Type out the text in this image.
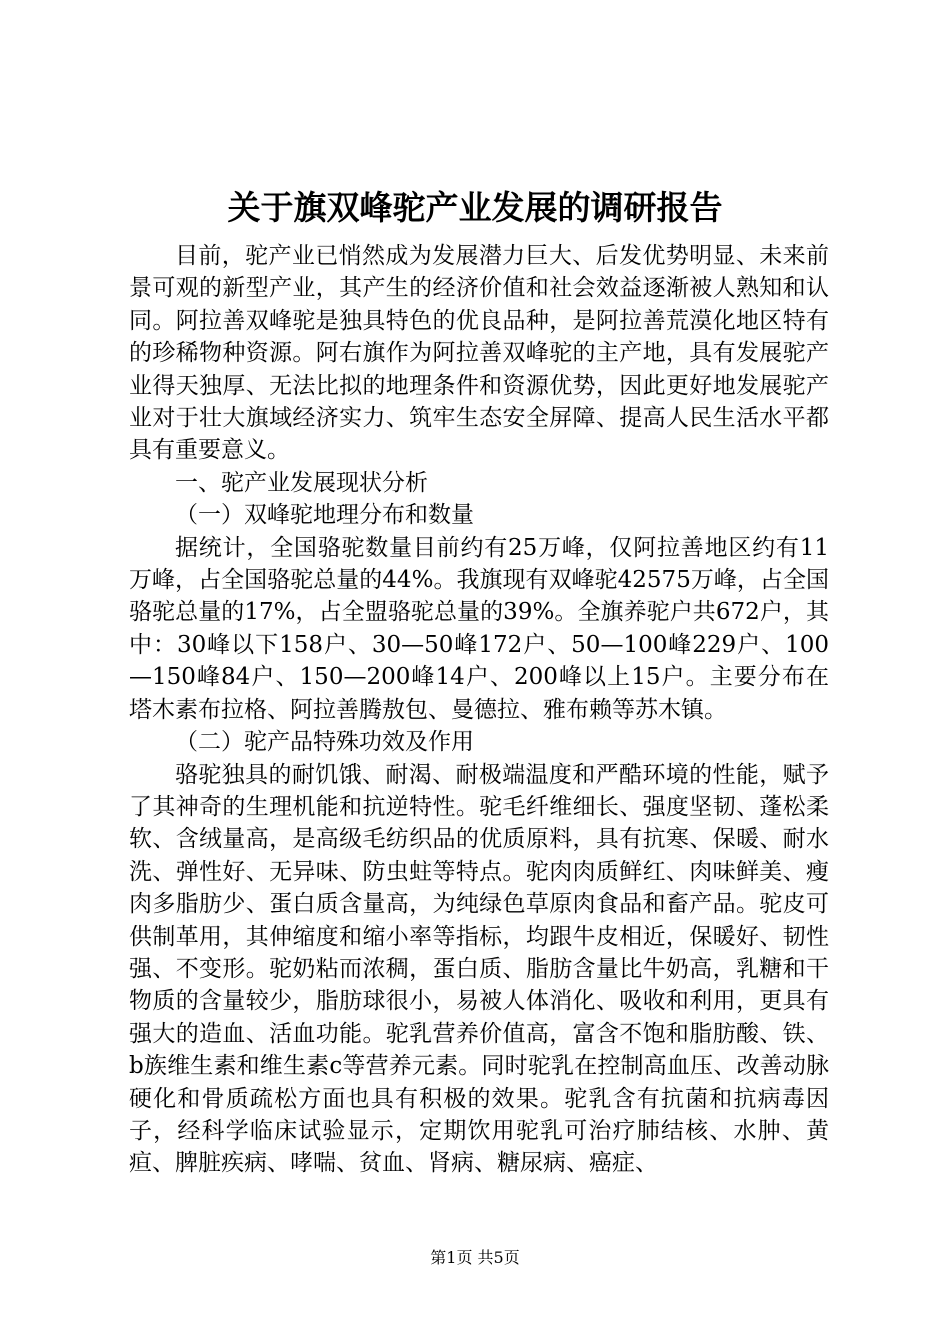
关于旗双峰驼产业发展的调研报告

目前，驼产业已悄然成为发展潜力巨大、后发优势明显、未来前景可观的新型产业，其产生的经济价值和社会效益逐渐被人熟知和认同。阿拉善双峰驼是独具特色的优良品种，是阿拉善荒漠化地区特有的珍稀物种资源。阿右旗作为阿拉善双峰驼的主产地，具有发展驼产业得天独厚、无法比拟的地理条件和资源优势，因此更好地发展驼产业对于壮大旗域经济实力、筑牢生态安全屏障、提高人民生活水平都具有重要意义。

一、驼产业发展现状分析

（一）双峰驼地理分布和数量

据统计，全国骆驼数量目前约有25万峰，仅阿拉善地区约有11万峰，占全国骆驼总量的44%。我旗现有双峰驼42575万峰，占全国骆驼总量的17%，占全盟骆驼总量的39%。全旗养驼户共672户，其中：30峰以下158户、30—50峰172户、50—100峰229户、100—150峰84户、150—200峰14户、200峰以上15户。主要分布在塔木素布拉格、阿拉善腾敖包、曼德拉、雅布赖等苏木镇。

（二）驼产品特殊功效及作用

骆驼独具的耐饥饿、耐渴、耐极端温度和严酷环境的性能，赋予了其神奇的生理机能和抗逆特性。驼毛纤维细长、强度坚韧、蓬松柔软、含绒量高，是高级毛纺织品的优质原料，具有抗寒、保暖、耐水洗、弹性好、无异味、防虫蛀等特点。驼肉肉质鲜红、肉味鲜美、瘦肉多脂肪少、蛋白质含量高，为纯绿色草原肉食品和畜产品。驼皮可供制革用，其伸缩度和缩小率等指标，均跟牛皮相近，保暖好、韧性强、不变形。驼奶粘而浓稠，蛋白质、脂肪含量比牛奶高，乳糖和干物质的含量较少，脂肪球很小，易被人体消化、吸收和利用，更具有强大的造血、活血功能。驼乳营养价值高，富含不饱和脂肪酸、铁、b族维生素和维生素c等营养元素。同时驼乳在控制高血压、改善动脉硬化和骨质疏松方面也具有积极的效果。驼乳含有抗菌和抗病毒因子，经科学临床试验显示，定期饮用驼乳可治疗肺结核、水肿、黄疸、脾脏疾病、哮喘、贫血、肾病、糖尿病、癌症、

第1页 共5页
